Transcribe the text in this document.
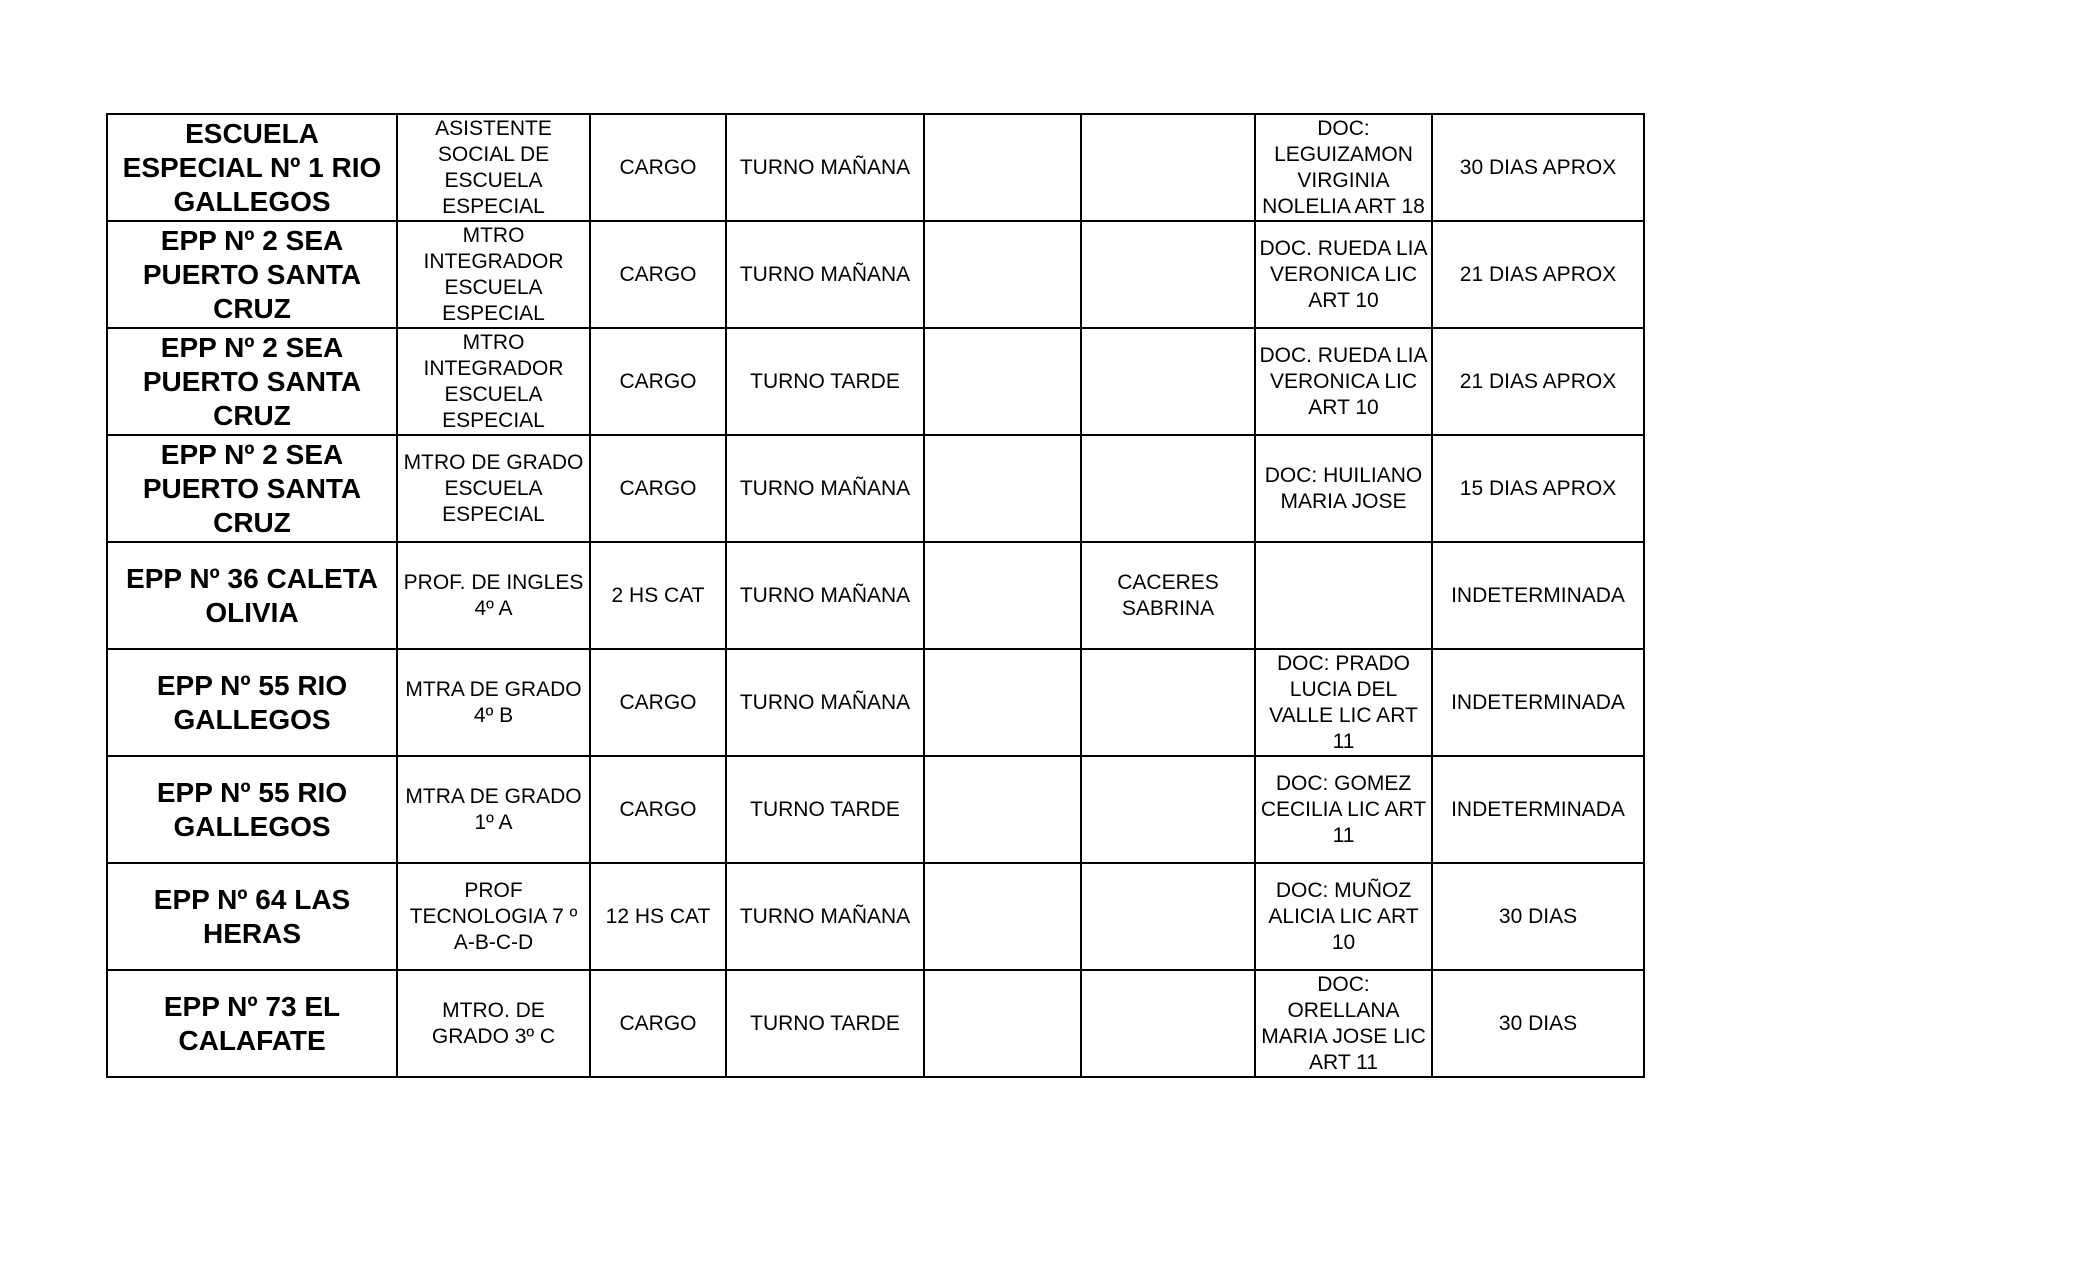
ESCUELA ESPECIAL Nº 1 RIO GALLEGOS	ASISTENTE SOCIAL DE ESCUELA ESPECIAL	CARGO	TURNO MAÑANA			DOC: LEGUIZAMON VIRGINIA NOLELIA ART 18	30 DIAS APROX
EPP Nº 2 SEA PUERTO SANTA CRUZ	MTRO INTEGRADOR ESCUELA ESPECIAL	CARGO	TURNO MAÑANA			DOC. RUEDA LIA VERONICA LIC ART 10	21 DIAS APROX
EPP Nº 2 SEA PUERTO SANTA CRUZ	MTRO INTEGRADOR ESCUELA ESPECIAL	CARGO	TURNO TARDE			DOC. RUEDA LIA VERONICA LIC ART 10	21 DIAS APROX
EPP Nº 2 SEA PUERTO SANTA CRUZ	MTRO DE GRADO ESCUELA ESPECIAL	CARGO	TURNO MAÑANA			DOC: HUILIANO MARIA JOSE	15 DIAS APROX
EPP Nº 36 CALETA OLIVIA	PROF. DE INGLES 4º A	2 HS CAT	TURNO MAÑANA		CACERES SABRINA		INDETERMINADA
EPP Nº 55 RIO GALLEGOS	MTRA DE GRADO 4º B	CARGO	TURNO MAÑANA			DOC: PRADO LUCIA DEL VALLE LIC ART 11	INDETERMINADA
EPP Nº 55 RIO GALLEGOS	MTRA DE GRADO 1º A	CARGO	TURNO TARDE			DOC: GOMEZ CECILIA LIC ART 11	INDETERMINADA
EPP Nº 64 LAS HERAS	PROF TECNOLOGIA 7 º A-B-C-D	12 HS CAT	TURNO MAÑANA			DOC: MUÑOZ ALICIA LIC ART 10	30 DIAS
EPP Nº 73 EL CALAFATE	MTRO. DE GRADO 3º C	CARGO	TURNO TARDE			DOC: ORELLANA MARIA JOSE LIC ART 11	30 DIAS
